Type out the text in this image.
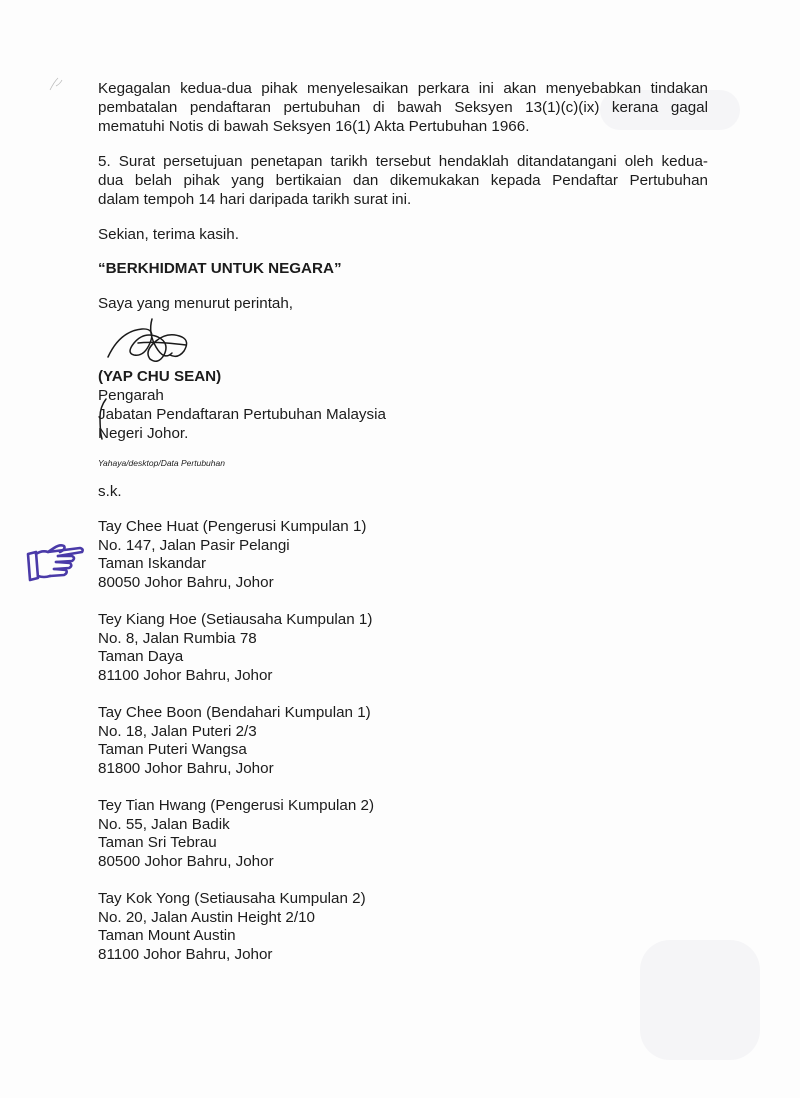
Kegagalan kedua-dua pihak menyelesaikan perkara ini akan menyebabkan tindakan
pembatalan pendaftaran pertubuhan di bawah Seksyen 13(1)(c)(ix) kerana gagal
mematuhi Notis di bawah Seksyen 16(1) Akta Pertubuhan 1966.
5. Surat persetujuan penetapan tarikh tersebut hendaklah ditandatangani oleh kedua-
dua belah pihak yang bertikaian dan dikemukakan kepada Pendaftar Pertubuhan
dalam tempoh 14 hari daripada tarikh surat ini.
Sekian, terima kasih.
“BERKHIDMAT UNTUK NEGARA”
Saya yang menurut perintah,
(YAP CHU SEAN)
Pengarah
Jabatan Pendaftaran Pertubuhan Malaysia
Negeri Johor.
Yahaya/desktop/Data Pertubuhan
s.k.
Tay Chee Huat (Pengerusi Kumpulan 1)
No. 147, Jalan Pasir Pelangi
Taman Iskandar
80050 Johor Bahru, Johor
Tey Kiang Hoe (Setiausaha Kumpulan 1)
No. 8, Jalan Rumbia 78
Taman Daya
81100 Johor Bahru, Johor
Tay Chee Boon (Bendahari Kumpulan 1)
No. 18, Jalan Puteri 2/3
Taman Puteri Wangsa
81800 Johor Bahru, Johor
Tey Tian Hwang (Pengerusi Kumpulan 2)
No. 55, Jalan Badik
Taman Sri Tebrau
80500 Johor Bahru, Johor
Tay Kok Yong (Setiausaha Kumpulan 2)
No. 20, Jalan Austin Height 2/10
Taman Mount Austin
81100 Johor Bahru, Johor
